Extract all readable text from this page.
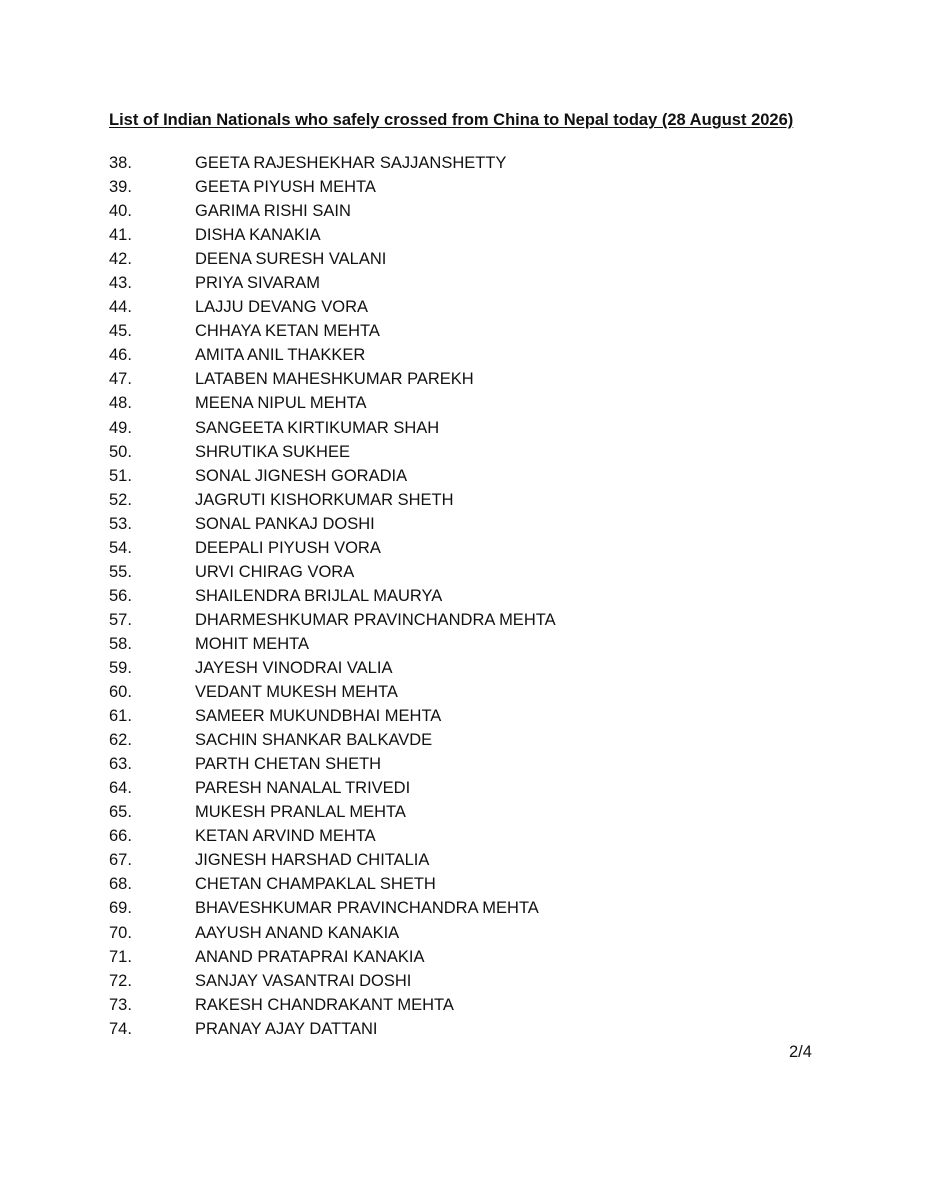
List of Indian Nationals who safely crossed from China to Nepal today (28 August 2026)
38.	GEETA RAJESHEKHAR SAJJANSHETTY
39.	GEETA PIYUSH MEHTA
40.	GARIMA RISHI SAIN
41.	DISHA KANAKIA
42.	DEENA SURESH VALANI
43.	PRIYA SIVARAM
44.	LAJJU DEVANG VORA
45.	CHHAYA KETAN MEHTA
46.	AMITA ANIL THAKKER
47.	LATABEN MAHESHKUMAR PAREKH
48.	MEENA NIPUL MEHTA
49.	SANGEETA KIRTIKUMAR SHAH
50.	SHRUTIKA SUKHEE
51.	SONAL JIGNESH GORADIA
52.	JAGRUTI KISHORKUMAR SHETH
53.	SONAL PANKAJ DOSHI
54.	DEEPALI PIYUSH VORA
55.	URVI CHIRAG VORA
56.	SHAILENDRA BRIJLAL MAURYA
57.	DHARMESHKUMAR PRAVINCHANDRA MEHTA
58.	MOHIT MEHTA
59.	JAYESH VINODRAI VALIA
60.	VEDANT MUKESH MEHTA
61.	SAMEER MUKUNDBHAI MEHTA
62.	SACHIN SHANKAR BALKAVDE
63.	PARTH CHETAN SHETH
64.	PARESH NANALAL TRIVEDI
65.	MUKESH PRANLAL MEHTA
66.	KETAN ARVIND MEHTA
67.	JIGNESH HARSHAD CHITALIA
68.	CHETAN CHAMPAKLAL SHETH
69.	BHAVESHKUMAR PRAVINCHANDRA MEHTA
70.	AAYUSH ANAND KANAKIA
71.	ANAND PRATAPRAI KANAKIA
72.	SANJAY VASANTRAI DOSHI
73.	RAKESH CHANDRAKANT MEHTA
74.	PRANAY AJAY DATTANI
2/4
